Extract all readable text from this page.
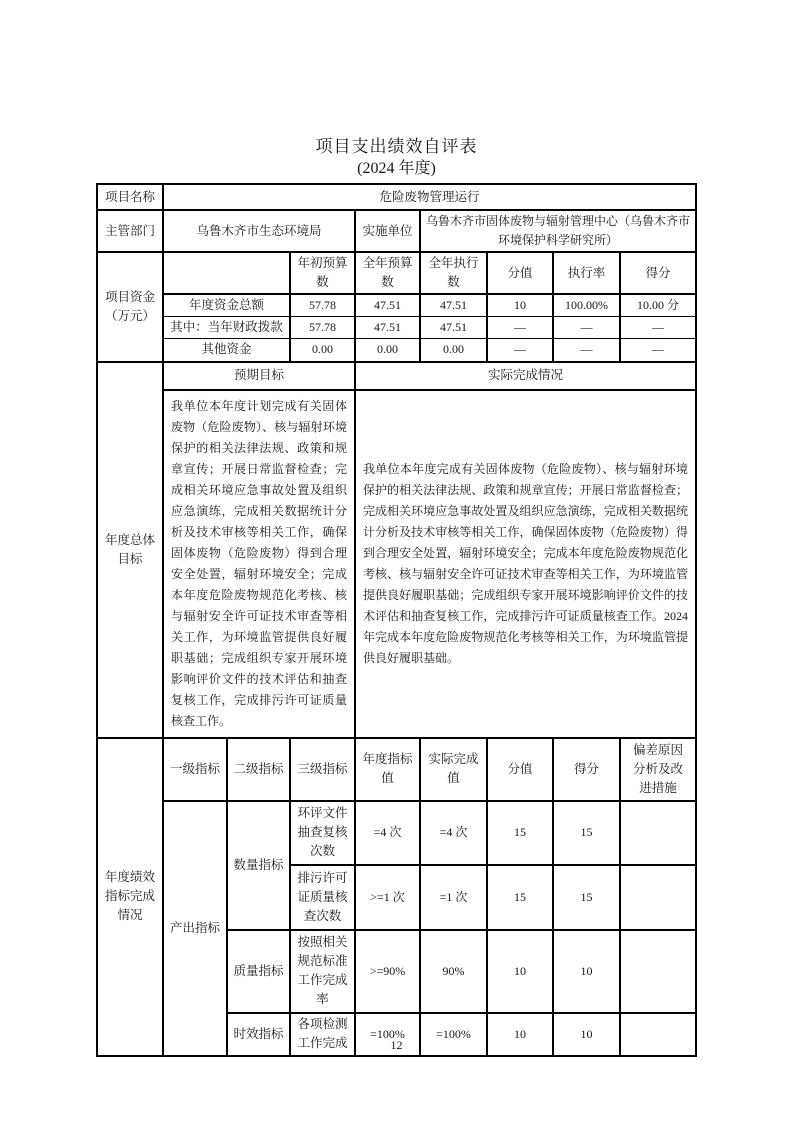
项目支出绩效自评表
(2024 年度)
项目名称	危险废物管理运行							
主管部门	乌鲁木齐市生态环境局			实施单位	乌鲁木齐市固体废物与辐射管理中心（乌鲁木齐市环境保护科学研究所）			
项目资金（万元）			年初预算数	全年预算数	全年执行数	分值	执行率	得分
	年度资金总额		57.78	47.51	47.51	10	100.00%	10.00 分
	其中：当年财政拨款		57.78	47.51	47.51	—	—	—
	其他资金		0.00	0.00	0.00	—	—	—
年度总体目标	预期目标			实际完成情况				
我单位本年度计划完成有关固体废物（危险废物）、核与辐射环境保护的相关法律法规、政策和规章宣传；开展日常监督检查；完成相关环境应急事故处置及组织应急演练，完成相关数据统计分析及技术审核等相关工作，确保固体废物（危险废物）得到合理安全处置，辐射环境安全；完成本年度危险废物规范化考核、核与辐射安全许可证技术审查等相关工作，为环境监管提供良好履职基础；完成组织专家开展环境影响评价文件的技术评估和抽查复核工作，完成排污许可证质量核查工作。	我单位本年度完成有关固体废物（危险废物）、核与辐射环境保护的相关法律法规、政策和规章宣传；开展日常监督检查；完成相关环境应急事故处置及组织应急演练，完成相关数据统计分析及技术审核等相关工作，确保固体废物（危险废物）得到合理安全处置，辐射环境安全；完成本年度危险废物规范化考核、核与辐射安全许可证技术审查等相关工作，为环境监管提供良好履职基础；完成组织专家开展环境影响评价文件的技术评估和抽查复核工作，完成排污许可证质量核查工作。2024 年完成本年度危险废物规范化考核等相关工作，为环境监管提供良好履职基础。
年度绩效指标完成情况	一级指标	二级指标	三级指标	年度指标值	实际完成值	分值	得分	偏差原因分析及改进措施
	产出指标	数量指标	环评文件抽查复核次数	=4 次	=4 次	15	15	
			排污许可证质量核查次数	>=1 次	=1 次	15	15	
		质量指标	按照相关规范标准工作完成率	>=90%	90%	10	10	
		时效指标	各项检测工作完成	=100%	=100%	10	10	
12
